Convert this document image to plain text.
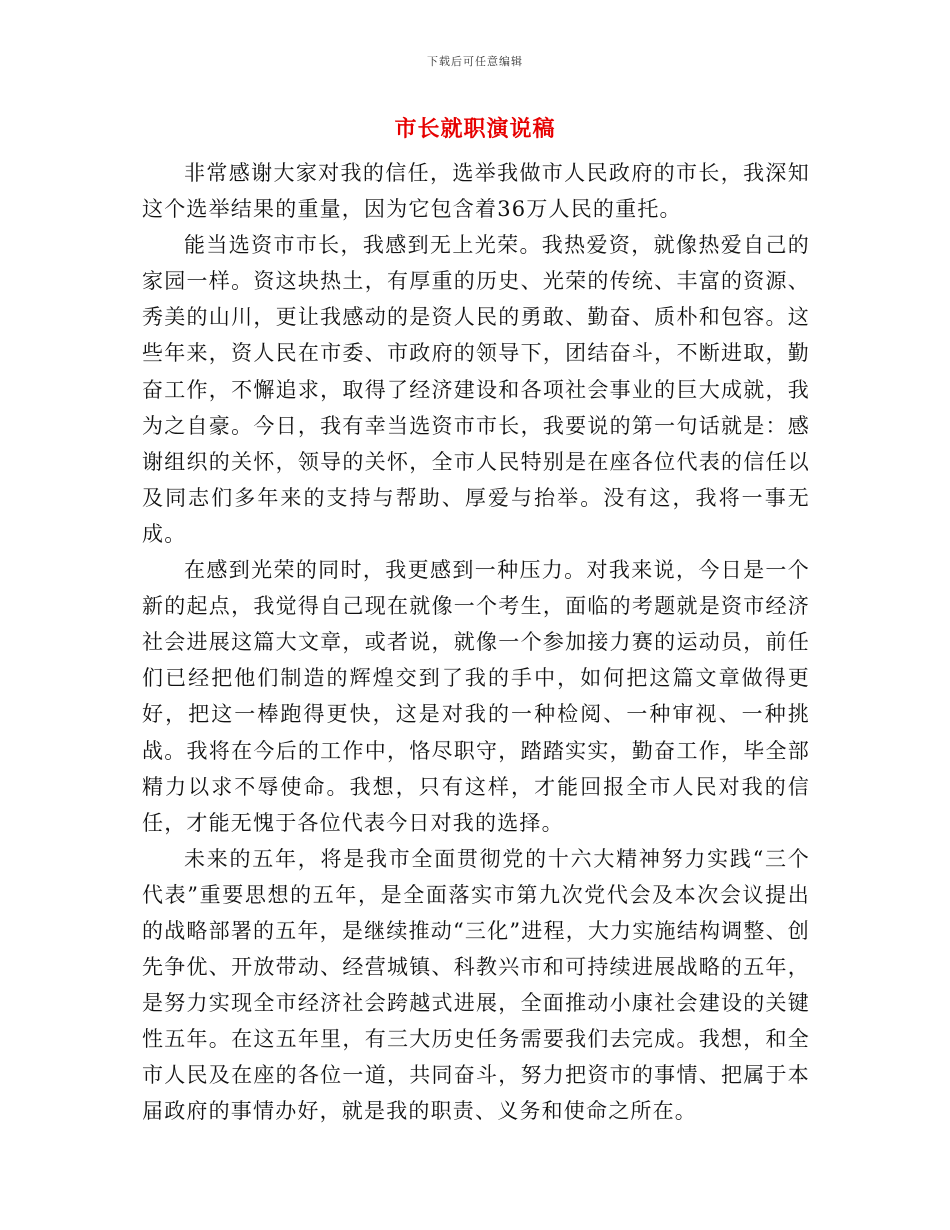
下载后可任意编辑
市长就职演说稿

非常感谢大家对我的信任，选举我做市人民政府的市长，我深知这个选举结果的重量，因为它包含着36万人民的重托。

能当选资市市长，我感到无上光荣。我热爱资，就像热爱自己的家园一样。资这块热土，有厚重的历史、光荣的传统、丰富的资源、秀美的山川，更让我感动的是资人民的勇敢、勤奋、质朴和包容。这些年来，资人民在市委、市政府的领导下，团结奋斗，不断进取，勤奋工作，不懈追求，取得了经济建设和各项社会事业的巨大成就，我为之自豪。今日，我有幸当选资市市长，我要说的第一句话就是：感谢组织的关怀，领导的关怀，全市人民特别是在座各位代表的信任以及同志们多年来的支持与帮助、厚爱与抬举。没有这，我将一事无成。

在感到光荣的同时，我更感到一种压力。对我来说，今日是一个新的起点，我觉得自己现在就像一个考生，面临的考题就是资市经济社会进展这篇大文章，或者说，就像一个参加接力赛的运动员，前任们已经把他们制造的辉煌交到了我的手中，如何把这篇文章做得更好，把这一棒跑得更快，这是对我的一种检阅、一种审视、一种挑战。我将在今后的工作中，恪尽职守，踏踏实实，勤奋工作，毕全部精力以求不辱使命。我想，只有这样，才能回报全市人民对我的信任，才能无愧于各位代表今日对我的选择。

未来的五年，将是我市全面贯彻党的十六大精神努力实践“三个代表”重要思想的五年，是全面落实市第九次党代会及本次会议提出的战略部署的五年，是继续推动“三化”进程，大力实施结构调整、创先争优、开放带动、经营城镇、科教兴市和可持续进展战略的五年，是努力实现全市经济社会跨越式进展，全面推动小康社会建设的关键性五年。在这五年里，有三大历史任务需要我们去完成。我想，和全市人民及在座的各位一道，共同奋斗，努力把资市的事情、把属于本届政府的事情办好，就是我的职责、义务和使命之所在。
